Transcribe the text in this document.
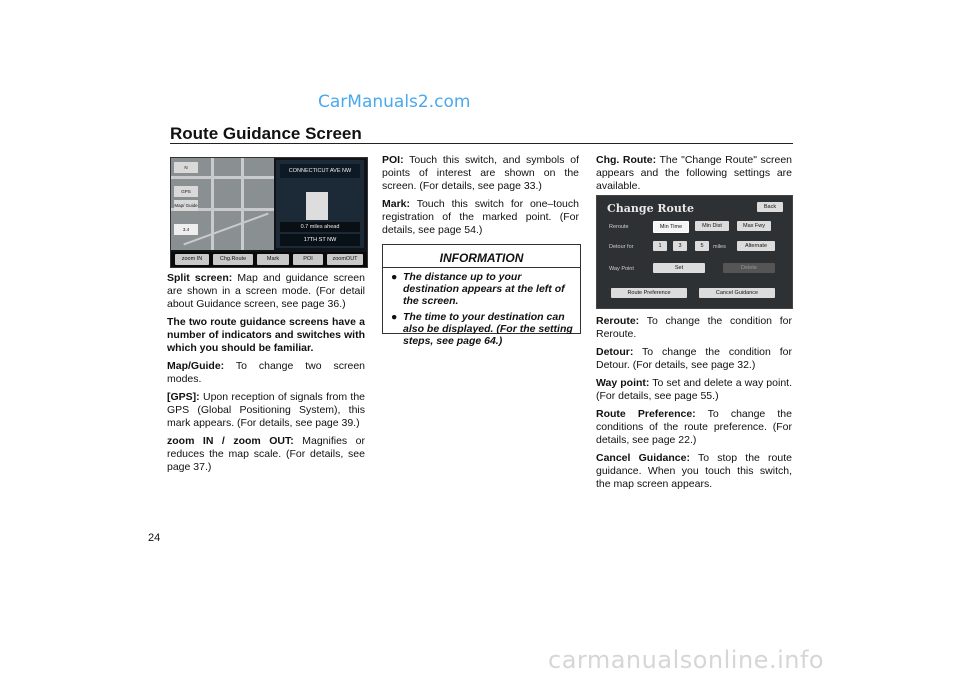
CarManuals2.com
Route Guidance Screen
N
GPS
Map/ Guide
3.4
CONNECTICUT AVE NW
0.7 miles ahead
17TH ST NW
zoom IN	Chg.Route	Mark	POI	zoomOUT

Split screen: Map and guidance screen are shown in a screen mode. (For detail about Guidance screen, see page 36.)

The two route guidance screens have a number of indicators and switches with which you should be familiar.

Map/Guide: To change two screen modes.

[GPS]: Upon reception of signals from the GPS (Global Positioning System), this mark appears. (For details, see page 39.)

zoom IN / zoom OUT: Magnifies or reduces the map scale. (For details, see page 37.)

POI: Touch this switch, and symbols of points of interest are shown on the screen. (For details, see page 33.)

Mark: Touch this switch for one–touch registration of the marked point. (For details, see page 54.)

INFORMATION
● The distance up to your destination appears at the left of the screen.
● The time to your destination can also be displayed. (For the setting steps, see page 64.)

Chg. Route: The "Change Route" screen appears and the following settings are available.

Reroute: To change the condition for Reroute.

Detour: To change the condition for Detour. (For details, see page 32.)

Way point: To set and delete a way point. (For details, see page 55.)

Route Preference: To change the conditions of the route preference. (For details, see page 22.)

Cancel Guidance: To stop the route guidance. When you touch this switch, the map screen appears.

Change Route	Back
Reroute	Min Time	Min Dist	Max Fwy
Detour for	1	3	5	miles	Alternate
Way Point	Set	Delete
Route Preference	Cancel Guidance
24
carmanualsonline.info
